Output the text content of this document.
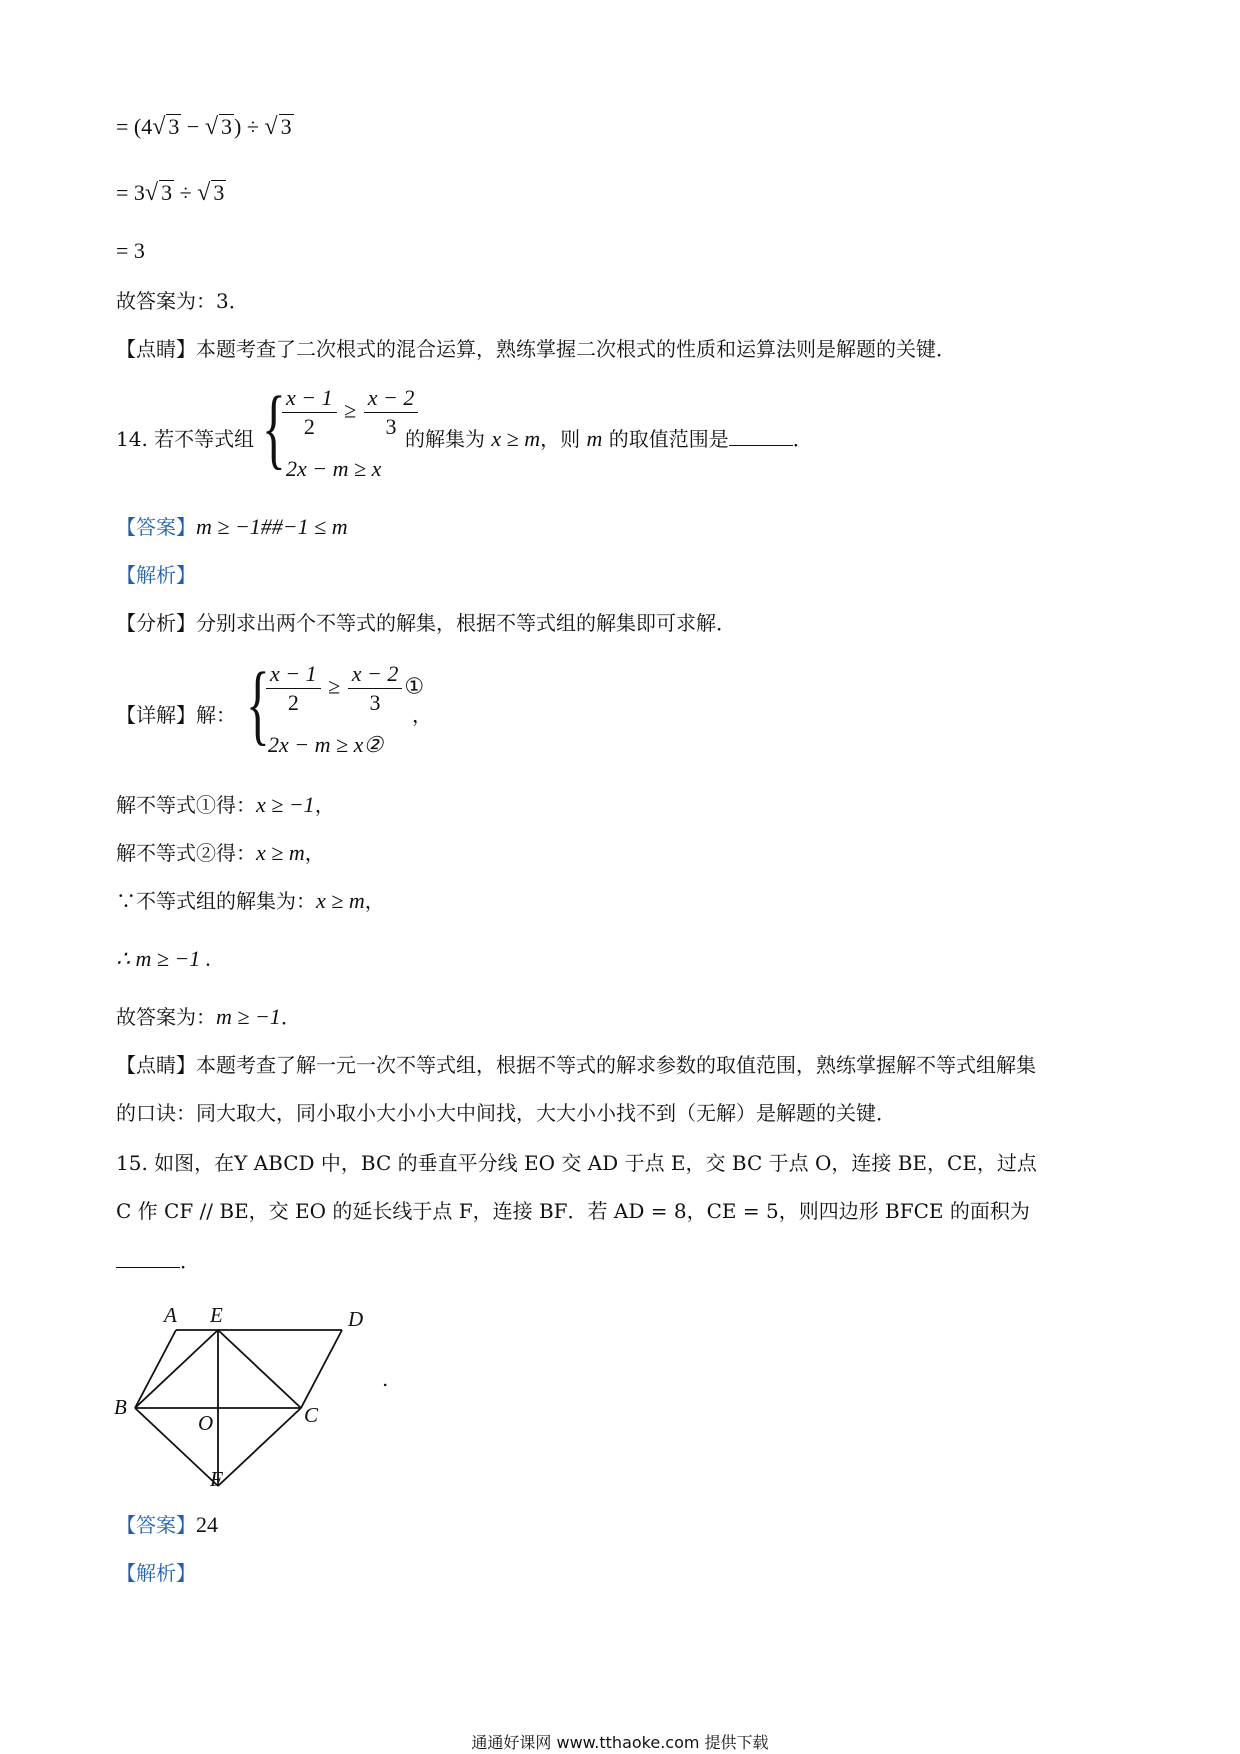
= (4√ 3 − √ 3) ÷ √ 3
= 3√ 3 ÷ √ 3
= 3
故答案为：3．
【点睛】本题考查了二次根式的混合运算，熟练掌握二次根式的性质和运算法则是解题的关键．
14. 若不等式组 {
$\frac{x - 1}{2} \ge \frac{x - 2}{3}$
2x − m ≥ x
的解集为 x ≥ m，则 m 的取值范围是	．
【答案】m ≥ −1##−1 ≤ m
【解析】
【分析】分别求出两个不等式的解集，根据不等式组的解集即可求解．
【详解】解： {
$\frac{x - 1}{2} \ge \frac{x - 2}{3}$ ①
2x − m ≥ x②
，
解不等式①得：x ≥ −1，
解不等式②得：x ≥ m，
∵不等式组的解集为：x ≥ m，
∴ m ≥ −1 .
故答案为：m ≥ −1．
【点睛】本题考查了解一元一次不等式组，根据不等式的解求参数的取值范围，熟练掌握解不等式组解集
的口诀：同大取大，同小取小大小小大中间找，大大小小找不到（无解）是解题的关键．
15. 如图，在Y ABCD 中，BC 的垂直平分线 EO 交 AD 于点 E，交 BC 于点 O，连接 BE，CE，过点
C 作 CF // BE，交 EO 的延长线于点 F，连接 BF．若 AD = 8，CE = 5，则四边形 BFCE 的面积为
．
A E	D
B
O	C
F
.
【答案】24
【解析】
通通好课网 www.tthaoke.com 提供下载
